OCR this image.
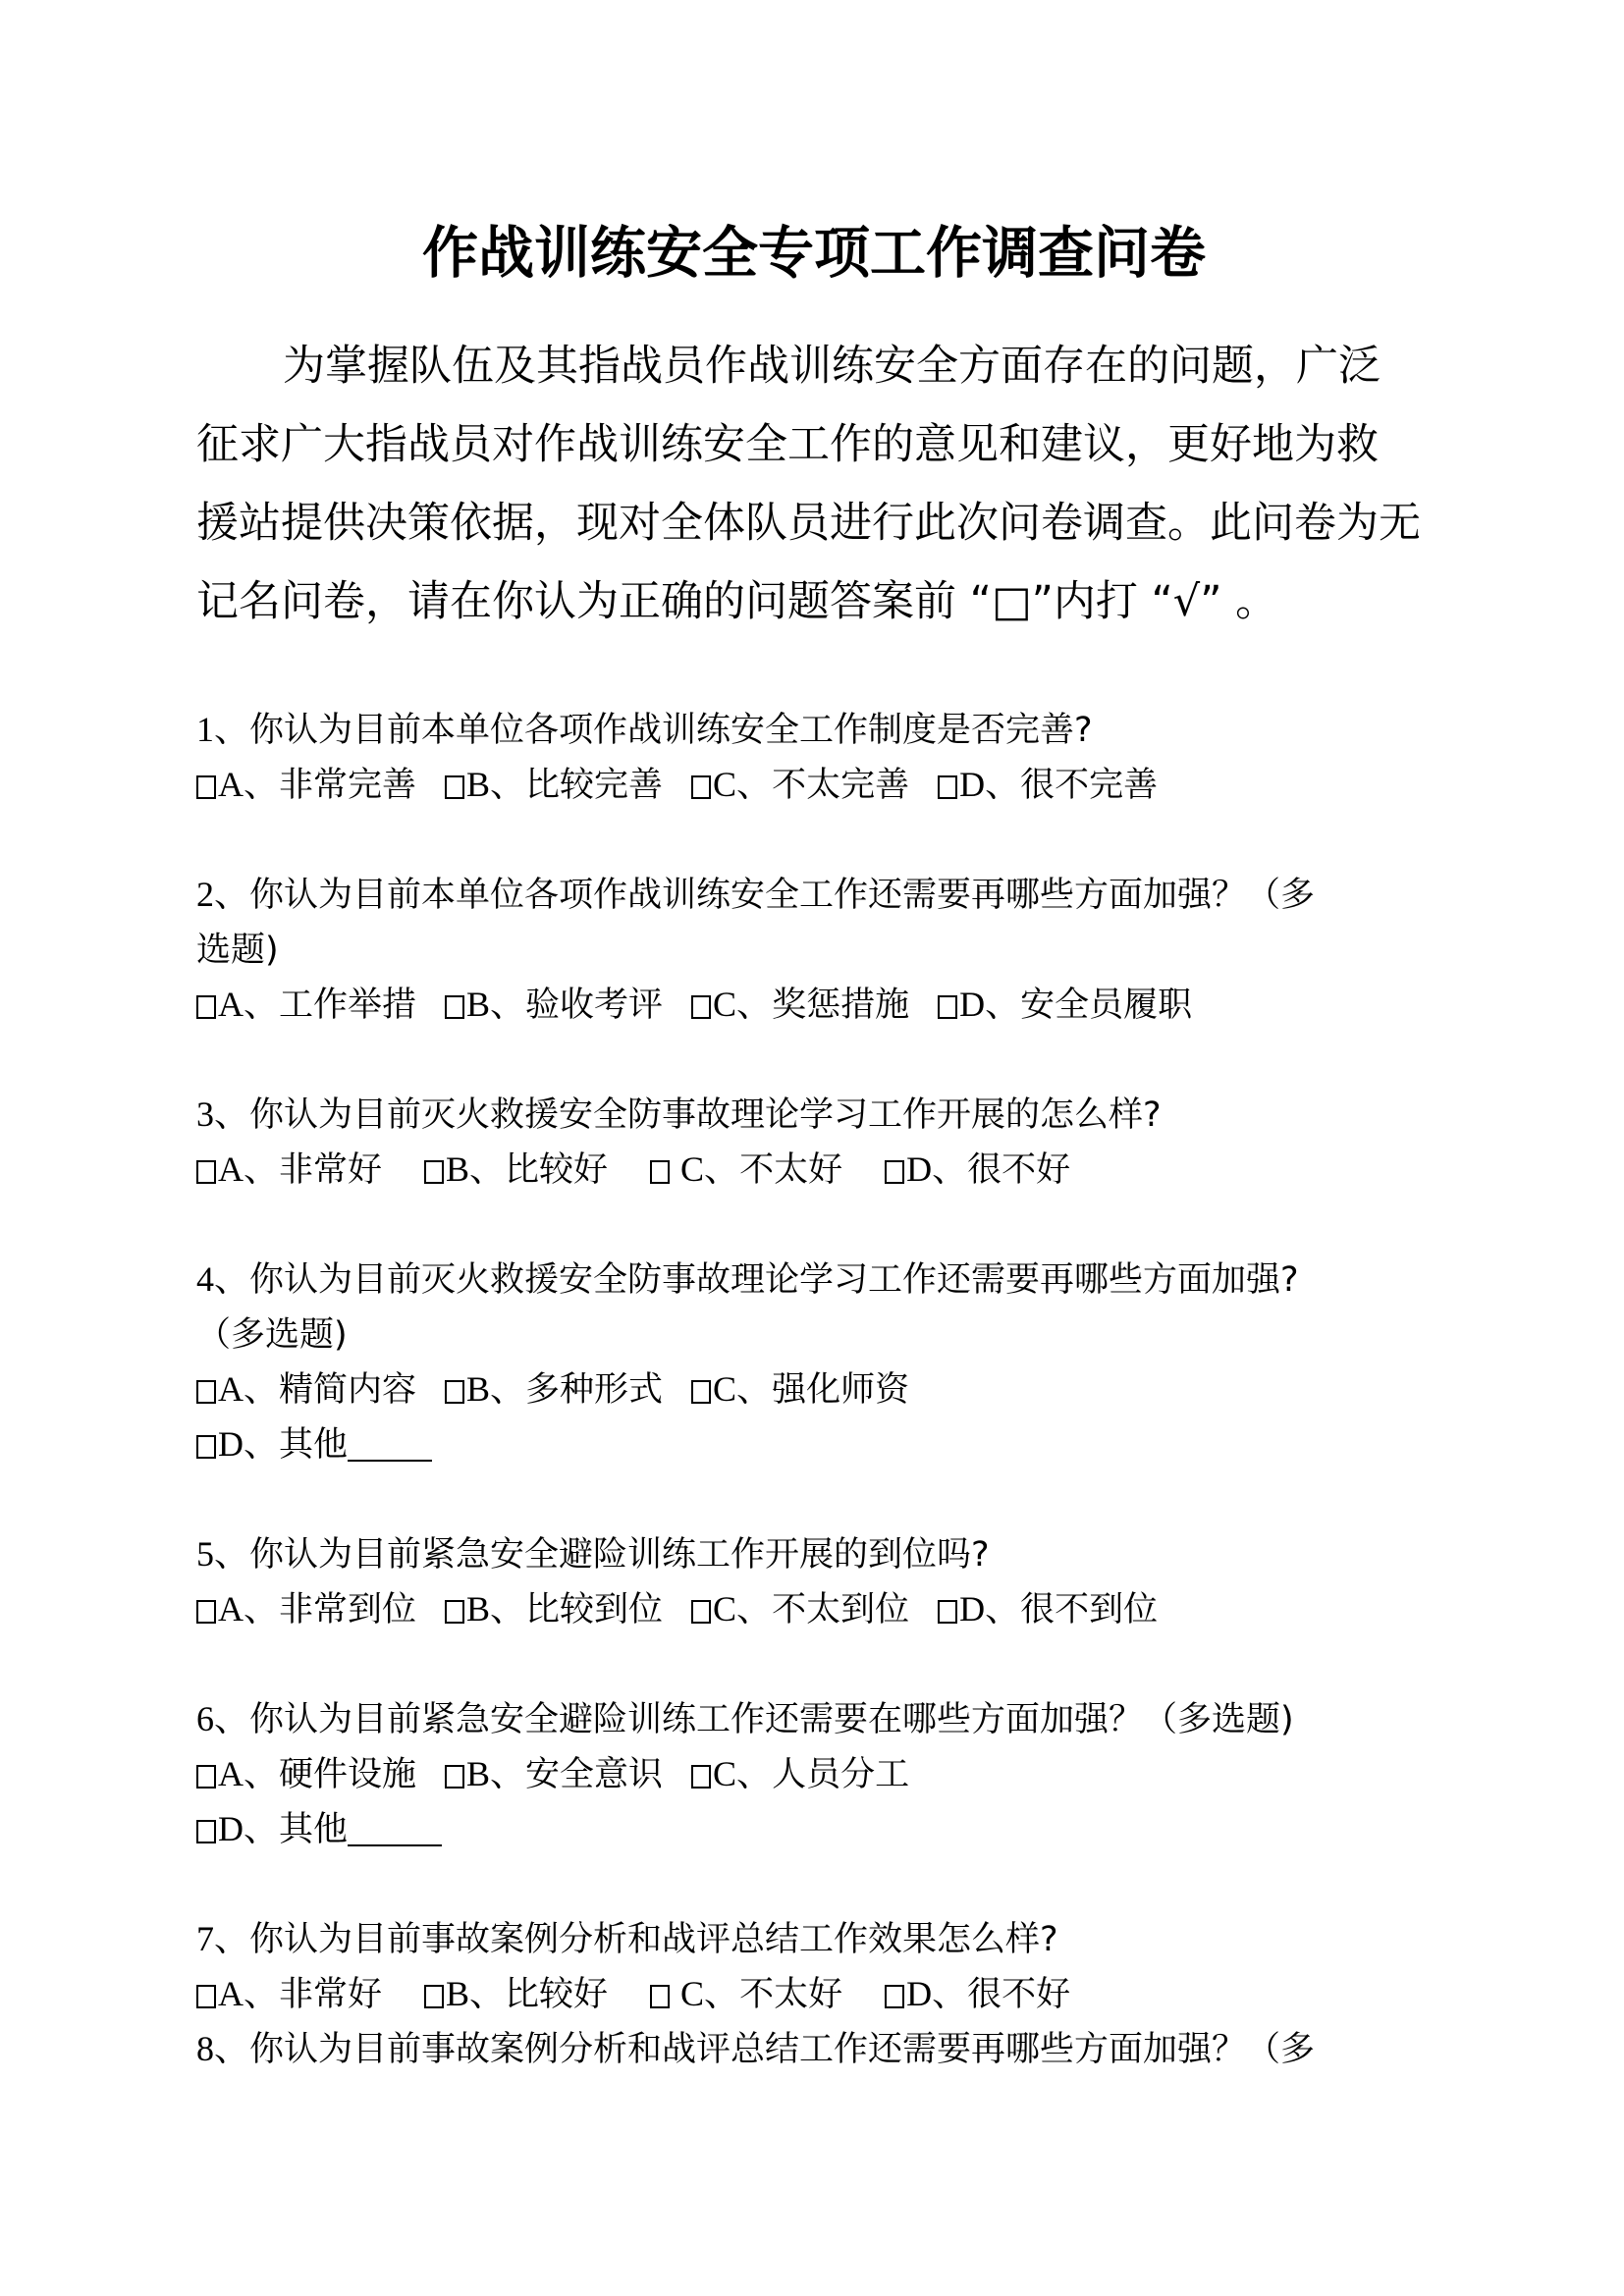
作战训练安全专项工作调查问卷
为掌握队伍及其指战员作战训练安全方面存在的问题，广泛
征求广大指战员对作战训练安全工作的意见和建议，更好地为救
援站提供决策依据，现对全体队员进行此次问卷调查。此问卷为无
记名问卷，请在你认为正确的问题答案前 “□”内打 “√” 。
1、你认为目前本单位各项作战训练安全工作制度是否完善?
A、非常完善 B、比较完善 C、不太完善 D、很不完善
2、你认为目前本单位各项作战训练安全工作还需要再哪些方面加强？（多
选题)
A、工作举措 B、验收考评 C、奖惩措施 D、安全员履职
3、你认为目前灭火救援安全防事故理论学习工作开展的怎么样?
A、非常好 B、比较好  C、不太好 D、很不好
4、你认为目前灭火救援安全防事故理论学习工作还需要再哪些方面加强?
（多选题)
A、精简内容 B、多种形式 C、强化师资
D、其他
5、你认为目前紧急安全避险训练工作开展的到位吗?
A、非常到位 B、比较到位 C、不太到位 D、很不到位
6、你认为目前紧急安全避险训练工作还需要在哪些方面加强？（多选题)
A、硬件设施 B、安全意识 C、人员分工
D、其他
7、你认为目前事故案例分析和战评总结工作效果怎么样?
A、非常好 B、比较好  C、不太好 D、很不好
8、你认为目前事故案例分析和战评总结工作还需要再哪些方面加强？（多
